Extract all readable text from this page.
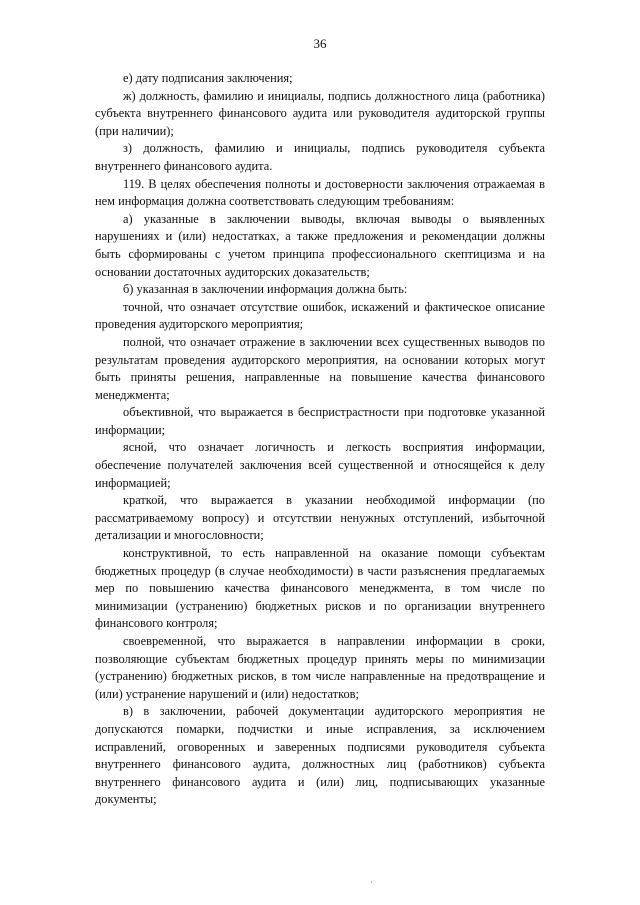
36

е) дату подписания заключения;

ж) должность, фамилию и инициалы, подпись должностного лица (работника) субъекта внутреннего финансового аудита или руководителя аудиторской группы (при наличии);

з) должность, фамилию и инициалы, подпись руководителя субъекта внутреннего финансового аудита.

119. В целях обеспечения полноты и достоверности заключения отражаемая в нем информация должна соответствовать следующим требованиям:

а) указанные в заключении выводы, включая выводы о выявленных нарушениях и (или) недостатках, а также предложения и рекомендации должны быть сформированы с учетом принципа профессионального скептицизма и на основании достаточных аудиторских доказательств;

б) указанная в заключении информация должна быть:

точной, что означает отсутствие ошибок, искажений и фактическое описание проведения аудиторского мероприятия;

полной, что означает отражение в заключении всех существенных выводов по результатам проведения аудиторского мероприятия, на основании которых могут быть приняты решения, направленные на повышение качества финансового менеджмента;

объективной, что выражается в беспристрастности при подготовке указанной информации;

ясной, что означает логичность и легкость восприятия информации, обеспечение получателей заключения всей существенной и относящейся к делу информацией;

краткой, что выражается в указании необходимой информации (по рассматриваемому вопросу) и отсутствии ненужных отступлений, избыточной детализации и многословности;

конструктивной, то есть направленной на оказание помощи субъектам бюджетных процедур (в случае необходимости) в части разъяснения предлагаемых мер по повышению качества финансового менеджмента, в том числе по минимизации (устранению) бюджетных рисков и по организации внутреннего финансового контроля;

своевременной, что выражается в направлении информации в сроки, позволяющие субъектам бюджетных процедур принять меры по минимизации (устранению) бюджетных рисков, в том числе направленные на предотвращение и (или) устранение нарушений и (или) недостатков;

в) в заключении, рабочей документации аудиторского мероприятия не допускаются помарки, подчистки и иные исправления, за исключением исправлений, оговоренных и заверенных подписями руководителя субъекта внутреннего финансового аудита, должностных лиц (работников) субъекта внутреннего финансового аудита и (или) лиц, подписывающих указанные документы;

`
